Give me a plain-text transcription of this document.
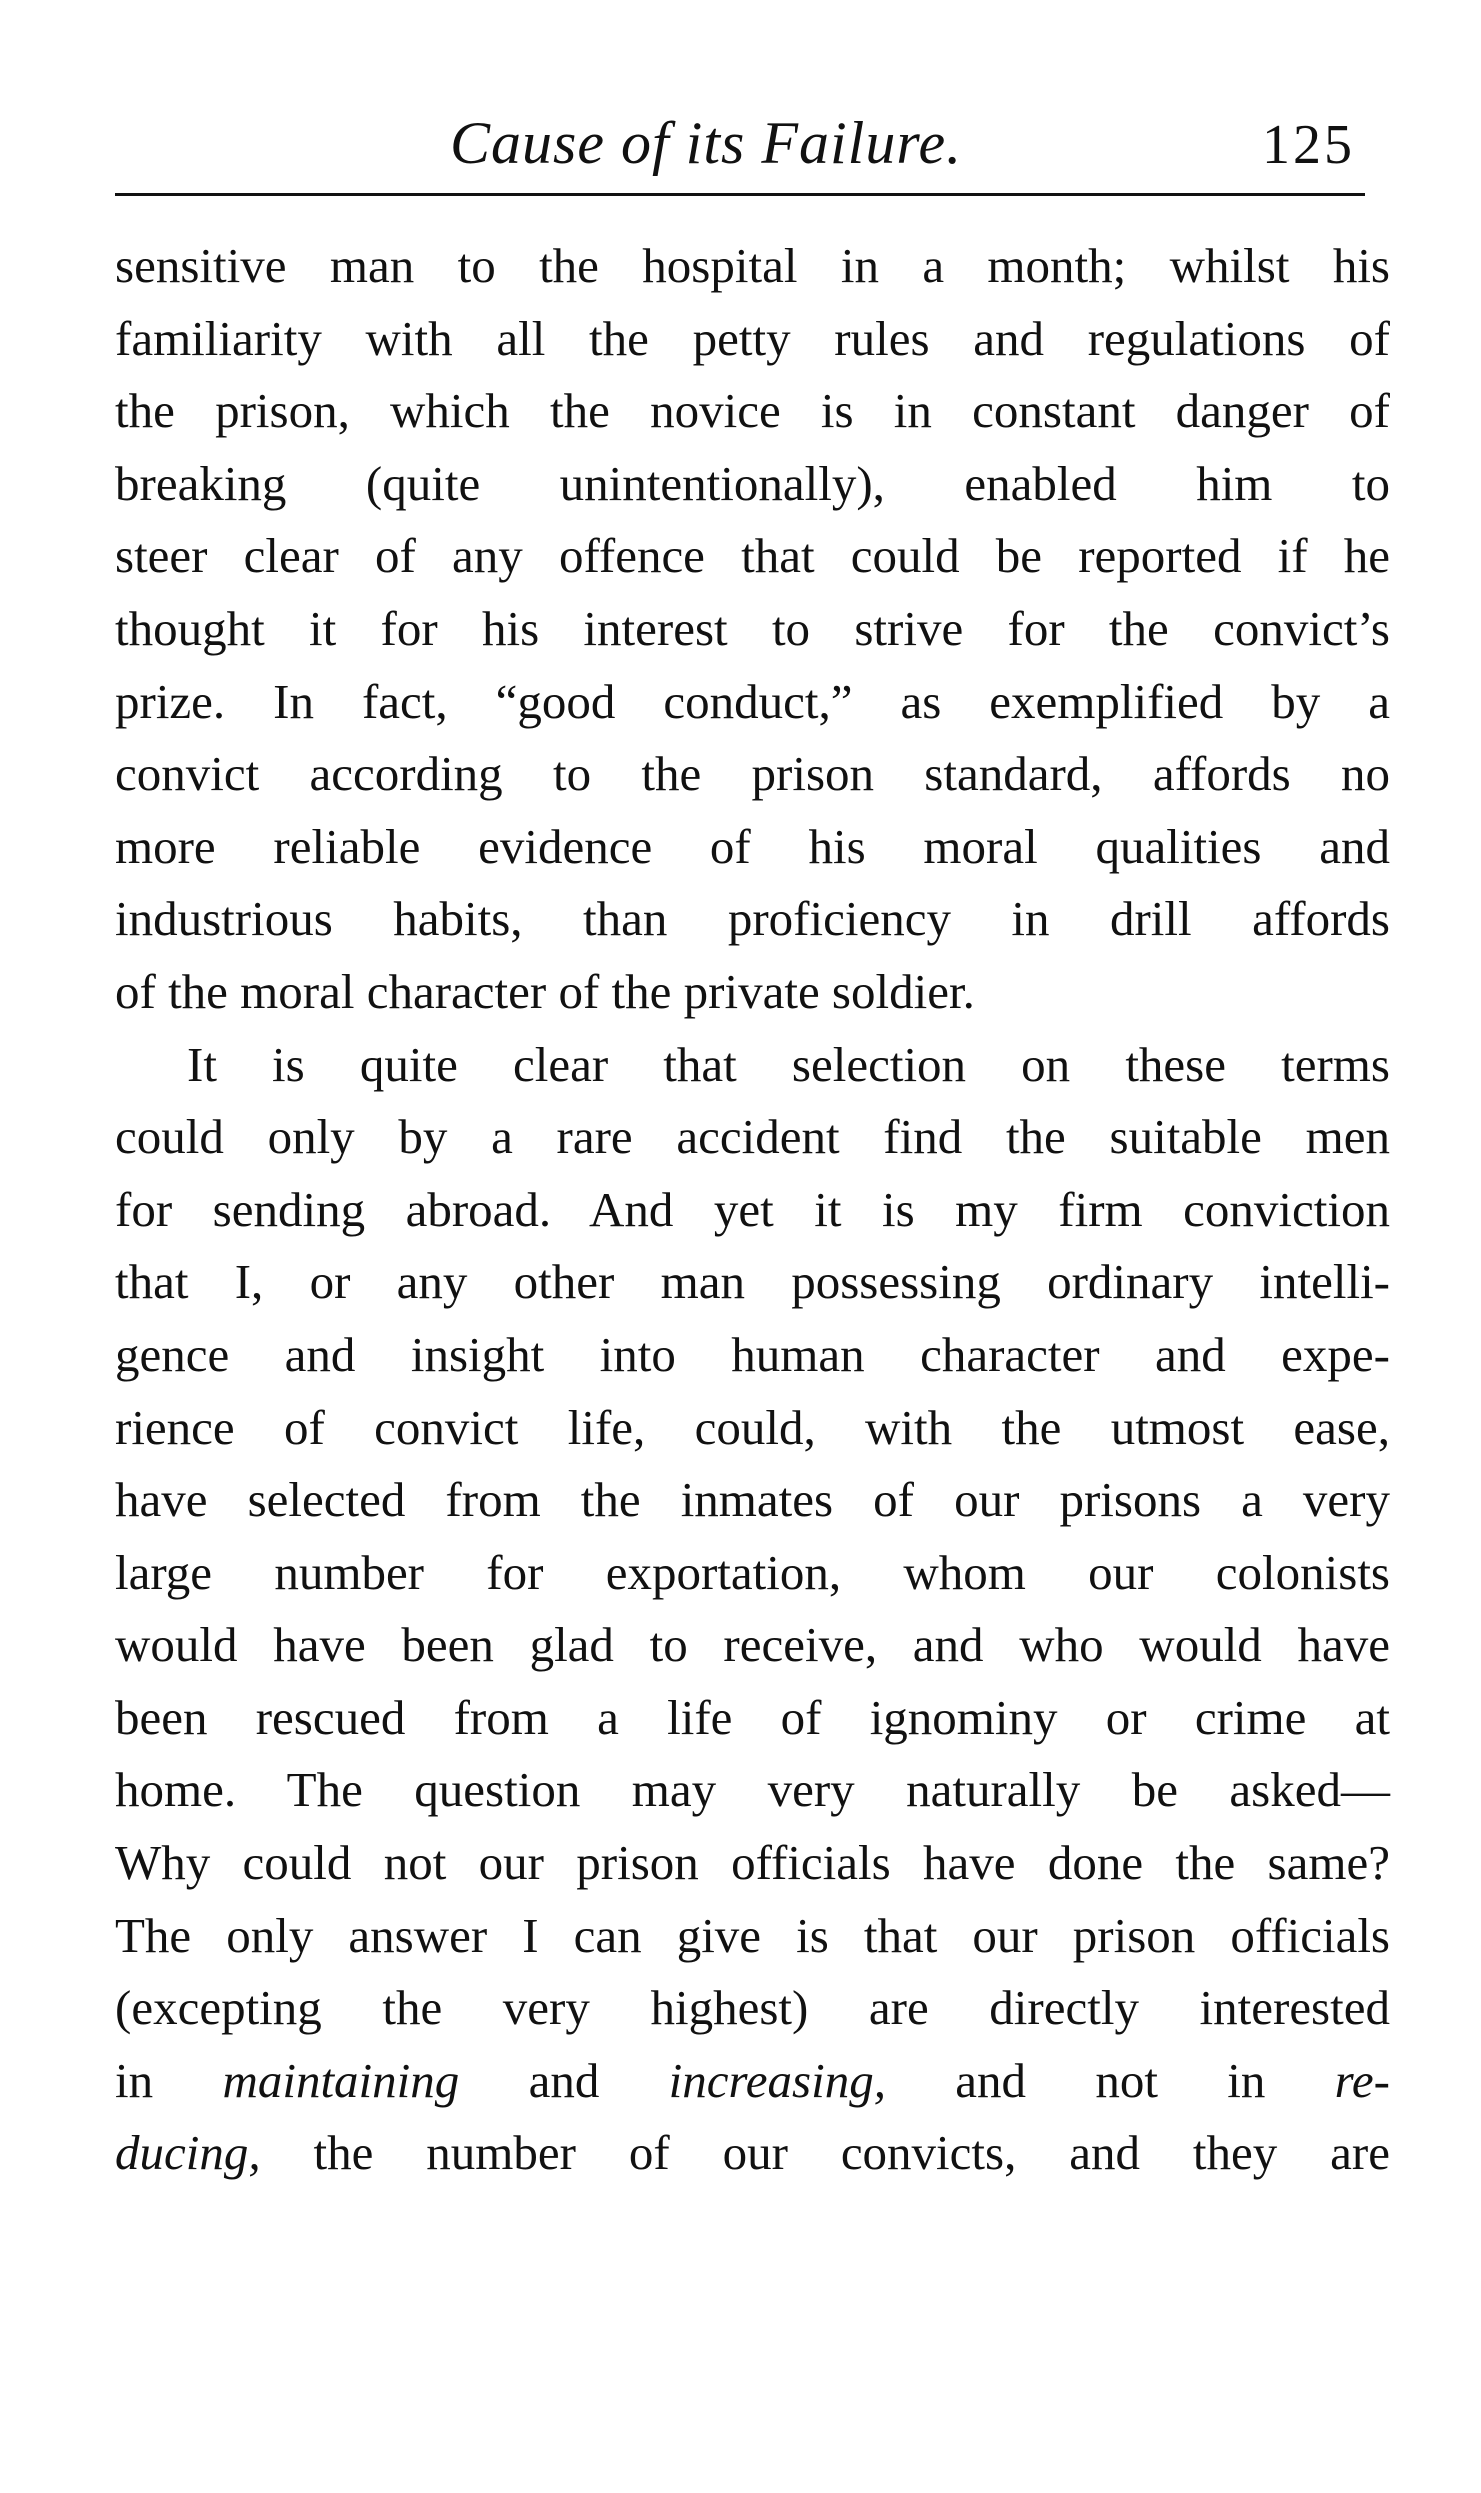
Cause of its Failure.	125
sensitive man to the hospital in a month; whilst his
familiarity with all the petty rules and regulations of
the prison, which the novice is in constant danger of
breaking (quite unintentionally), enabled him to
steer clear of any offence that could be reported if he
thought it for his interest to strive for the convict’s
prize. In fact, “good conduct,” as exemplified by a
convict according to the prison standard, affords no
more reliable evidence of his moral qualities and
industrious habits, than proficiency in drill affords
of the moral character of the private soldier.
It is quite clear that selection on these terms
could only by a rare accident find the suitable men
for sending abroad. And yet it is my firm conviction
that I, or any other man possessing ordinary intelli-
gence and insight into human character and expe-
rience of convict life, could, with the utmost ease,
have selected from the inmates of our prisons a very
large number for exportation, whom our colonists
would have been glad to receive, and who would have
been rescued from a life of ignominy or crime at
home. The question may very naturally be asked—
Why could not our prison officials have done the same?
The only answer I can give is that our prison officials
(excepting the very highest) are directly interested
in maintaining and increasing, and not in re-
ducing, the number of our convicts, and they are
